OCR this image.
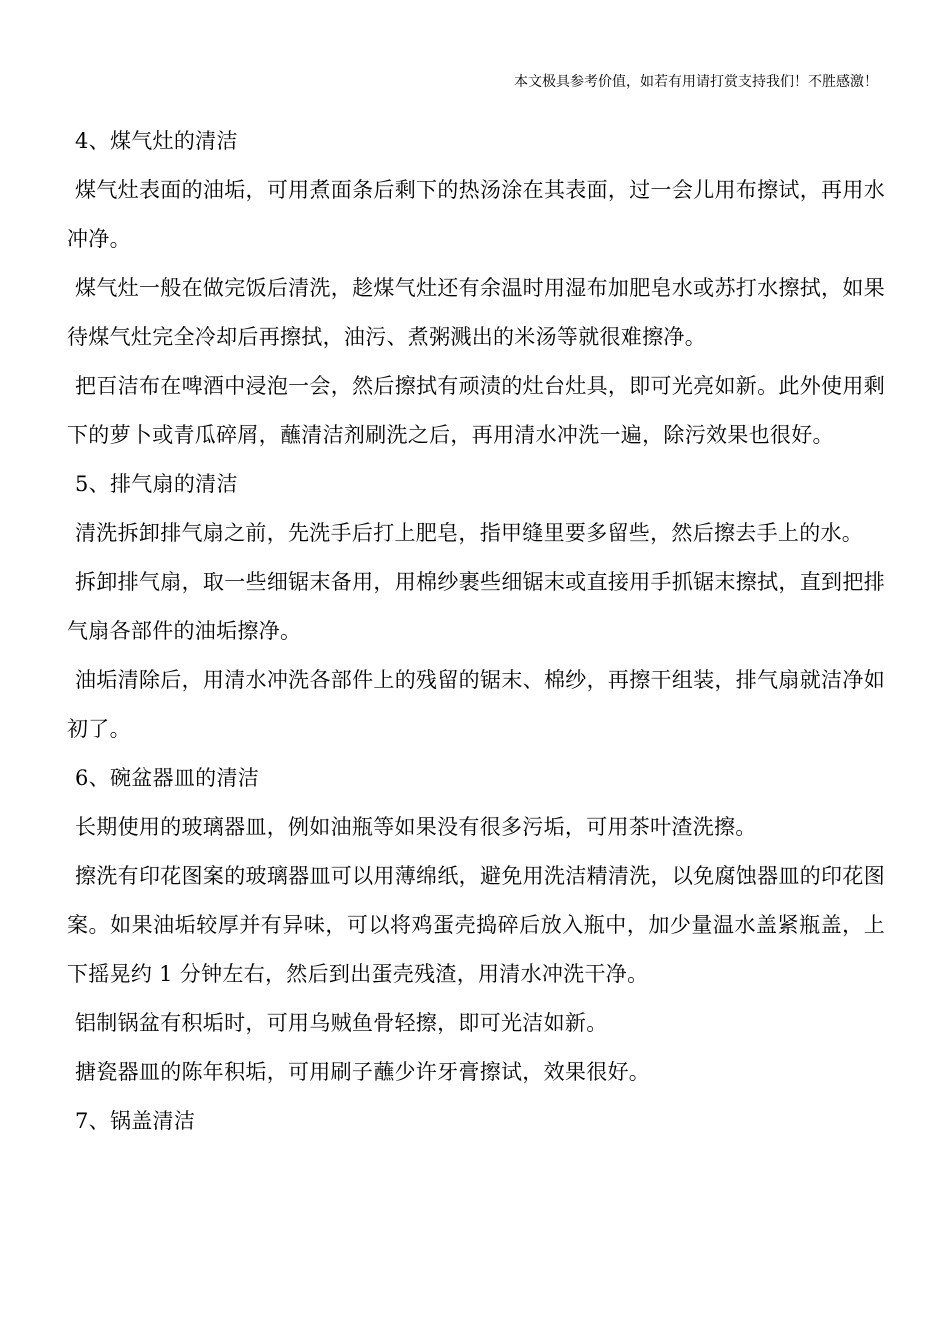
本文极具参考价值，如若有用请打赏支持我们！不胜感激！
4、煤气灶的清洁

煤气灶表面的油垢，可用煮面条后剩下的热汤涂在其表面，过一会儿用布擦试，再用水冲净。

煤气灶一般在做完饭后清洗，趁煤气灶还有余温时用湿布加肥皂水或苏打水擦拭，如果待煤气灶完全冷却后再擦拭，油污、煮粥溅出的米汤等就很难擦净。

把百洁布在啤酒中浸泡一会，然后擦拭有顽渍的灶台灶具，即可光亮如新。此外使用剩下的萝卜或青瓜碎屑，蘸清洁剂刷洗之后，再用清水冲洗一遍，除污效果也很好。

5、排气扇的清洁

清洗拆卸排气扇之前，先洗手后打上肥皂，指甲缝里要多留些，然后擦去手上的水。

拆卸排气扇，取一些细锯末备用，用棉纱裹些细锯末或直接用手抓锯末擦拭，直到把排气扇各部件的油垢擦净。

油垢清除后，用清水冲洗各部件上的残留的锯末、棉纱，再擦干组装，排气扇就洁净如初了。

6、碗盆器皿的清洁

长期使用的玻璃器皿，例如油瓶等如果没有很多污垢，可用茶叶渣洗擦。

擦洗有印花图案的玻璃器皿可以用薄绵纸，避免用洗洁精清洗，以免腐蚀器皿的印花图案。如果油垢较厚并有异味，可以将鸡蛋壳捣碎后放入瓶中，加少量温水盖紧瓶盖，上下摇晃约 1 分钟左右，然后到出蛋壳残渣，用清水冲洗干净。

铝制锅盆有积垢时，可用乌贼鱼骨轻擦，即可光洁如新。

搪瓷器皿的陈年积垢，可用刷子蘸少许牙膏擦试，效果很好。

7、锅盖清洁
